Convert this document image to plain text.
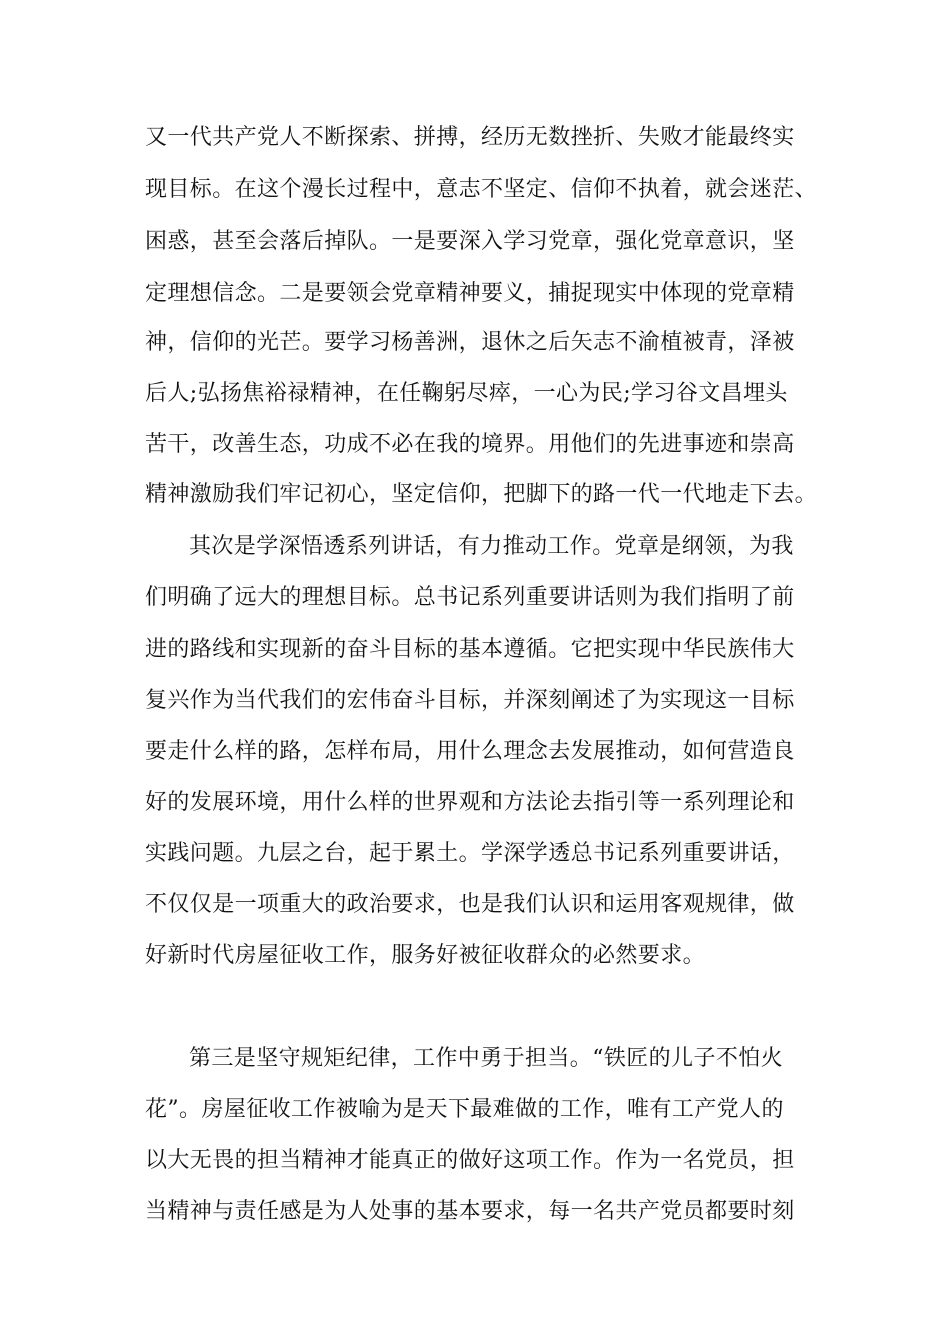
又一代共产党人不断探索、拼搏，经历无数挫折、失败才能最终实
现目标。在这个漫长过程中，意志不坚定、信仰不执着，就会迷茫、
困惑，甚至会落后掉队。一是要深入学习党章，强化党章意识，坚
定理想信念。二是要领会党章精神要义，捕捉现实中体现的党章精
神，信仰的光芒。要学习杨善洲，退休之后矢志不渝植被青，泽被
后人;弘扬焦裕禄精神，在任鞠躬尽瘁，一心为民;学习谷文昌埋头
苦干，改善生态，功成不必在我的境界。用他们的先进事迹和崇高
精神激励我们牢记初心，坚定信仰，把脚下的路一代一代地走下去。
其次是学深悟透系列讲话，有力推动工作。党章是纲领，为我
们明确了远大的理想目标。总书记系列重要讲话则为我们指明了前
进的路线和实现新的奋斗目标的基本遵循。它把实现中华民族伟大
复兴作为当代我们的宏伟奋斗目标，并深刻阐述了为实现这一目标
要走什么样的路，怎样布局，用什么理念去发展推动，如何营造良
好的发展环境，用什么样的世界观和方法论去指引等一系列理论和
实践问题。九层之台，起于累土。学深学透总书记系列重要讲话，
不仅仅是一项重大的政治要求，也是我们认识和运用客观规律，做
好新时代房屋征收工作，服务好被征收群众的必然要求。
第三是坚守规矩纪律，工作中勇于担当。“铁匠的儿子不怕火
花”。房屋征收工作被喻为是天下最难做的工作，唯有工产党人的
以大无畏的担当精神才能真正的做好这项工作。作为一名党员，担
当精神与责任感是为人处事的基本要求，每一名共产党员都要时刻
